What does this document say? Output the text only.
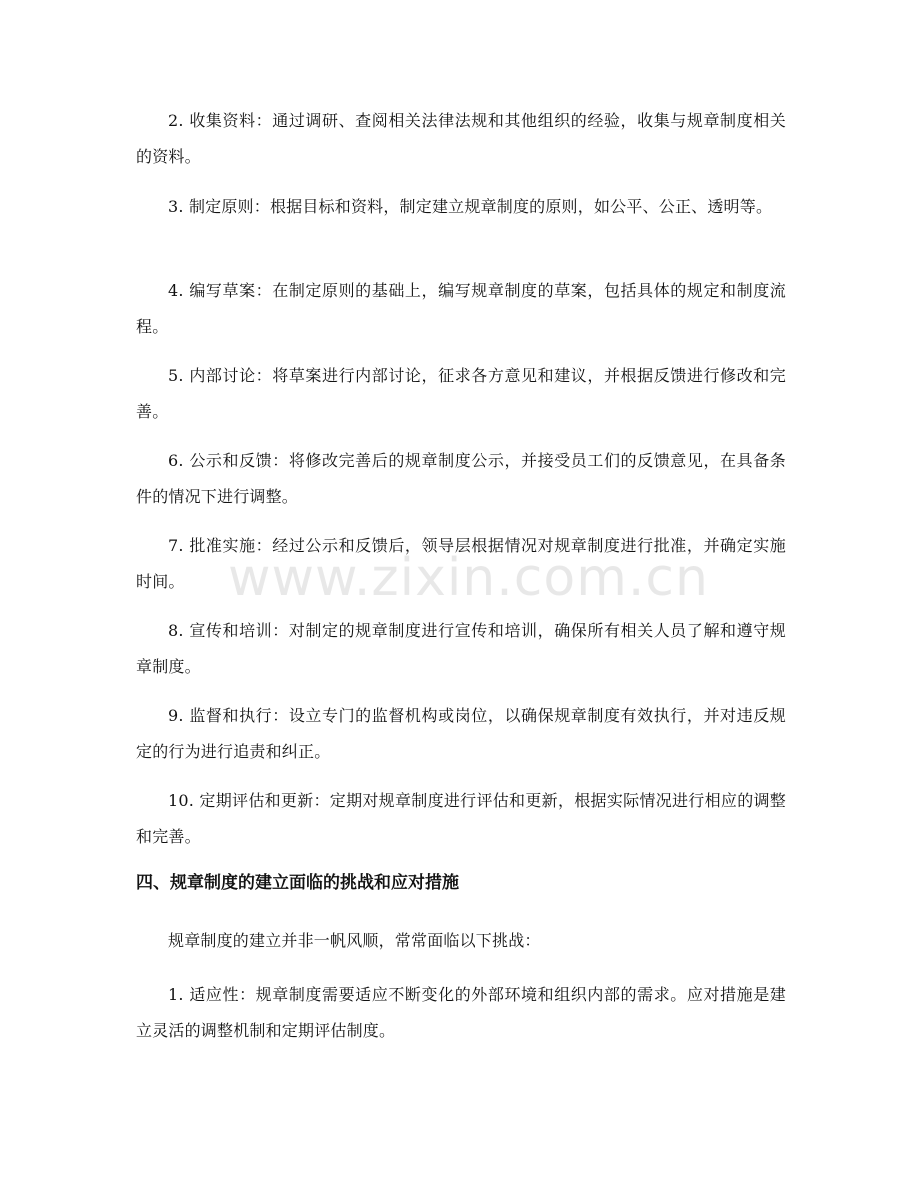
2. 收集资料：通过调研、查阅相关法律法规和其他组织的经验，收集与规章制度相关的资料。

3. 制定原则：根据目标和资料，制定建立规章制度的原则，如公平、公正、透明等。

4. 编写草案：在制定原则的基础上，编写规章制度的草案，包括具体的规定和制度流程。

5. 内部讨论：将草案进行内部讨论，征求各方意见和建议，并根据反馈进行修改和完善。

6. 公示和反馈：将修改完善后的规章制度公示，并接受员工们的反馈意见，在具备条件的情况下进行调整。

7. 批准实施：经过公示和反馈后，领导层根据情况对规章制度进行批准，并确定实施时间。

8. 宣传和培训：对制定的规章制度进行宣传和培训，确保所有相关人员了解和遵守规章制度。

9. 监督和执行：设立专门的监督机构或岗位，以确保规章制度有效执行，并对违反规定的行为进行追责和纠正。

10. 定期评估和更新：定期对规章制度进行评估和更新，根据实际情况进行相应的调整和完善。

四、规章制度的建立面临的挑战和应对措施

规章制度的建立并非一帆风顺，常常面临以下挑战：

1. 适应性：规章制度需要适应不断变化的外部环境和组织内部的需求。应对措施是建立灵活的调整机制和定期评估制度。

www.zixin.com.cn
